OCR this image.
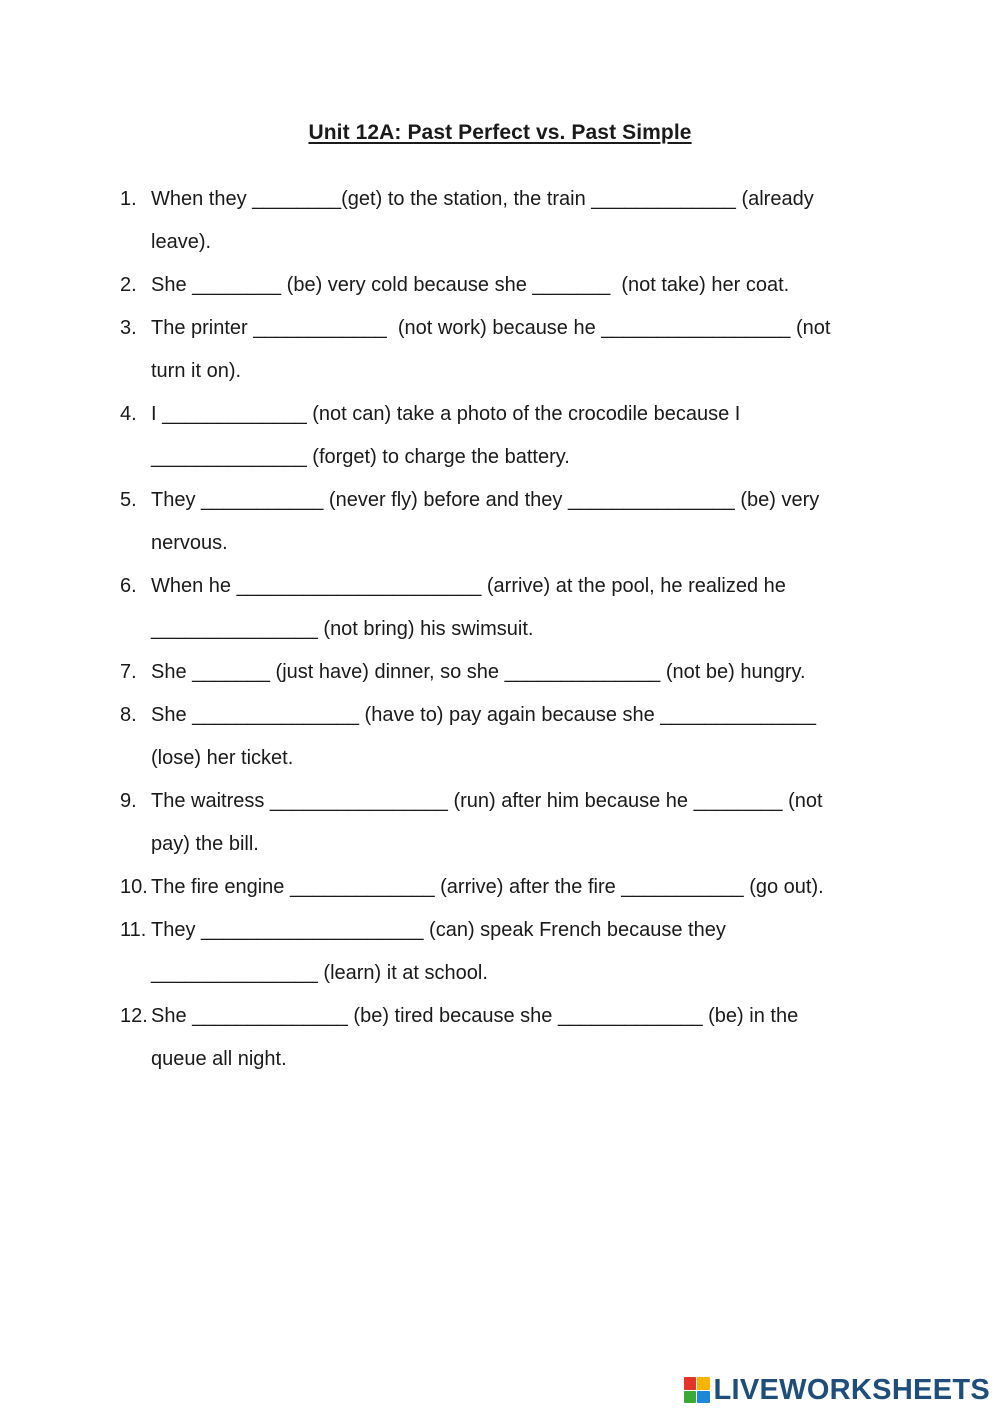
Unit 12A: Past Perfect vs. Past Simple
1. When they ________(get) to the station, the train _____________ (already
leave).
2. She ________ (be) very cold because she _______  (not take) her coat.
3. The printer ____________  (not work) because he _________________ (not
turn it on).
4. I _____________ (not can) take a photo of the crocodile because I
______________ (forget) to charge the battery.
5. They ___________ (never fly) before and they _______________ (be) very
nervous.
6. When he ______________________ (arrive) at the pool, he realized he
_______________ (not bring) his swimsuit.
7. She _______ (just have) dinner, so she ______________ (not be) hungry.
8. She _______________ (have to) pay again because she ______________
(lose) her ticket.
9. The waitress ________________ (run) after him because he ________ (not
pay) the bill.
10. The fire engine _____________ (arrive) after the fire ___________ (go out).
11. They ____________________ (can) speak French because they
_______________ (learn) it at school.
12. She ______________ (be) tired because she _____________ (be) in the
queue all night.
LIVEWORKSHEETS
